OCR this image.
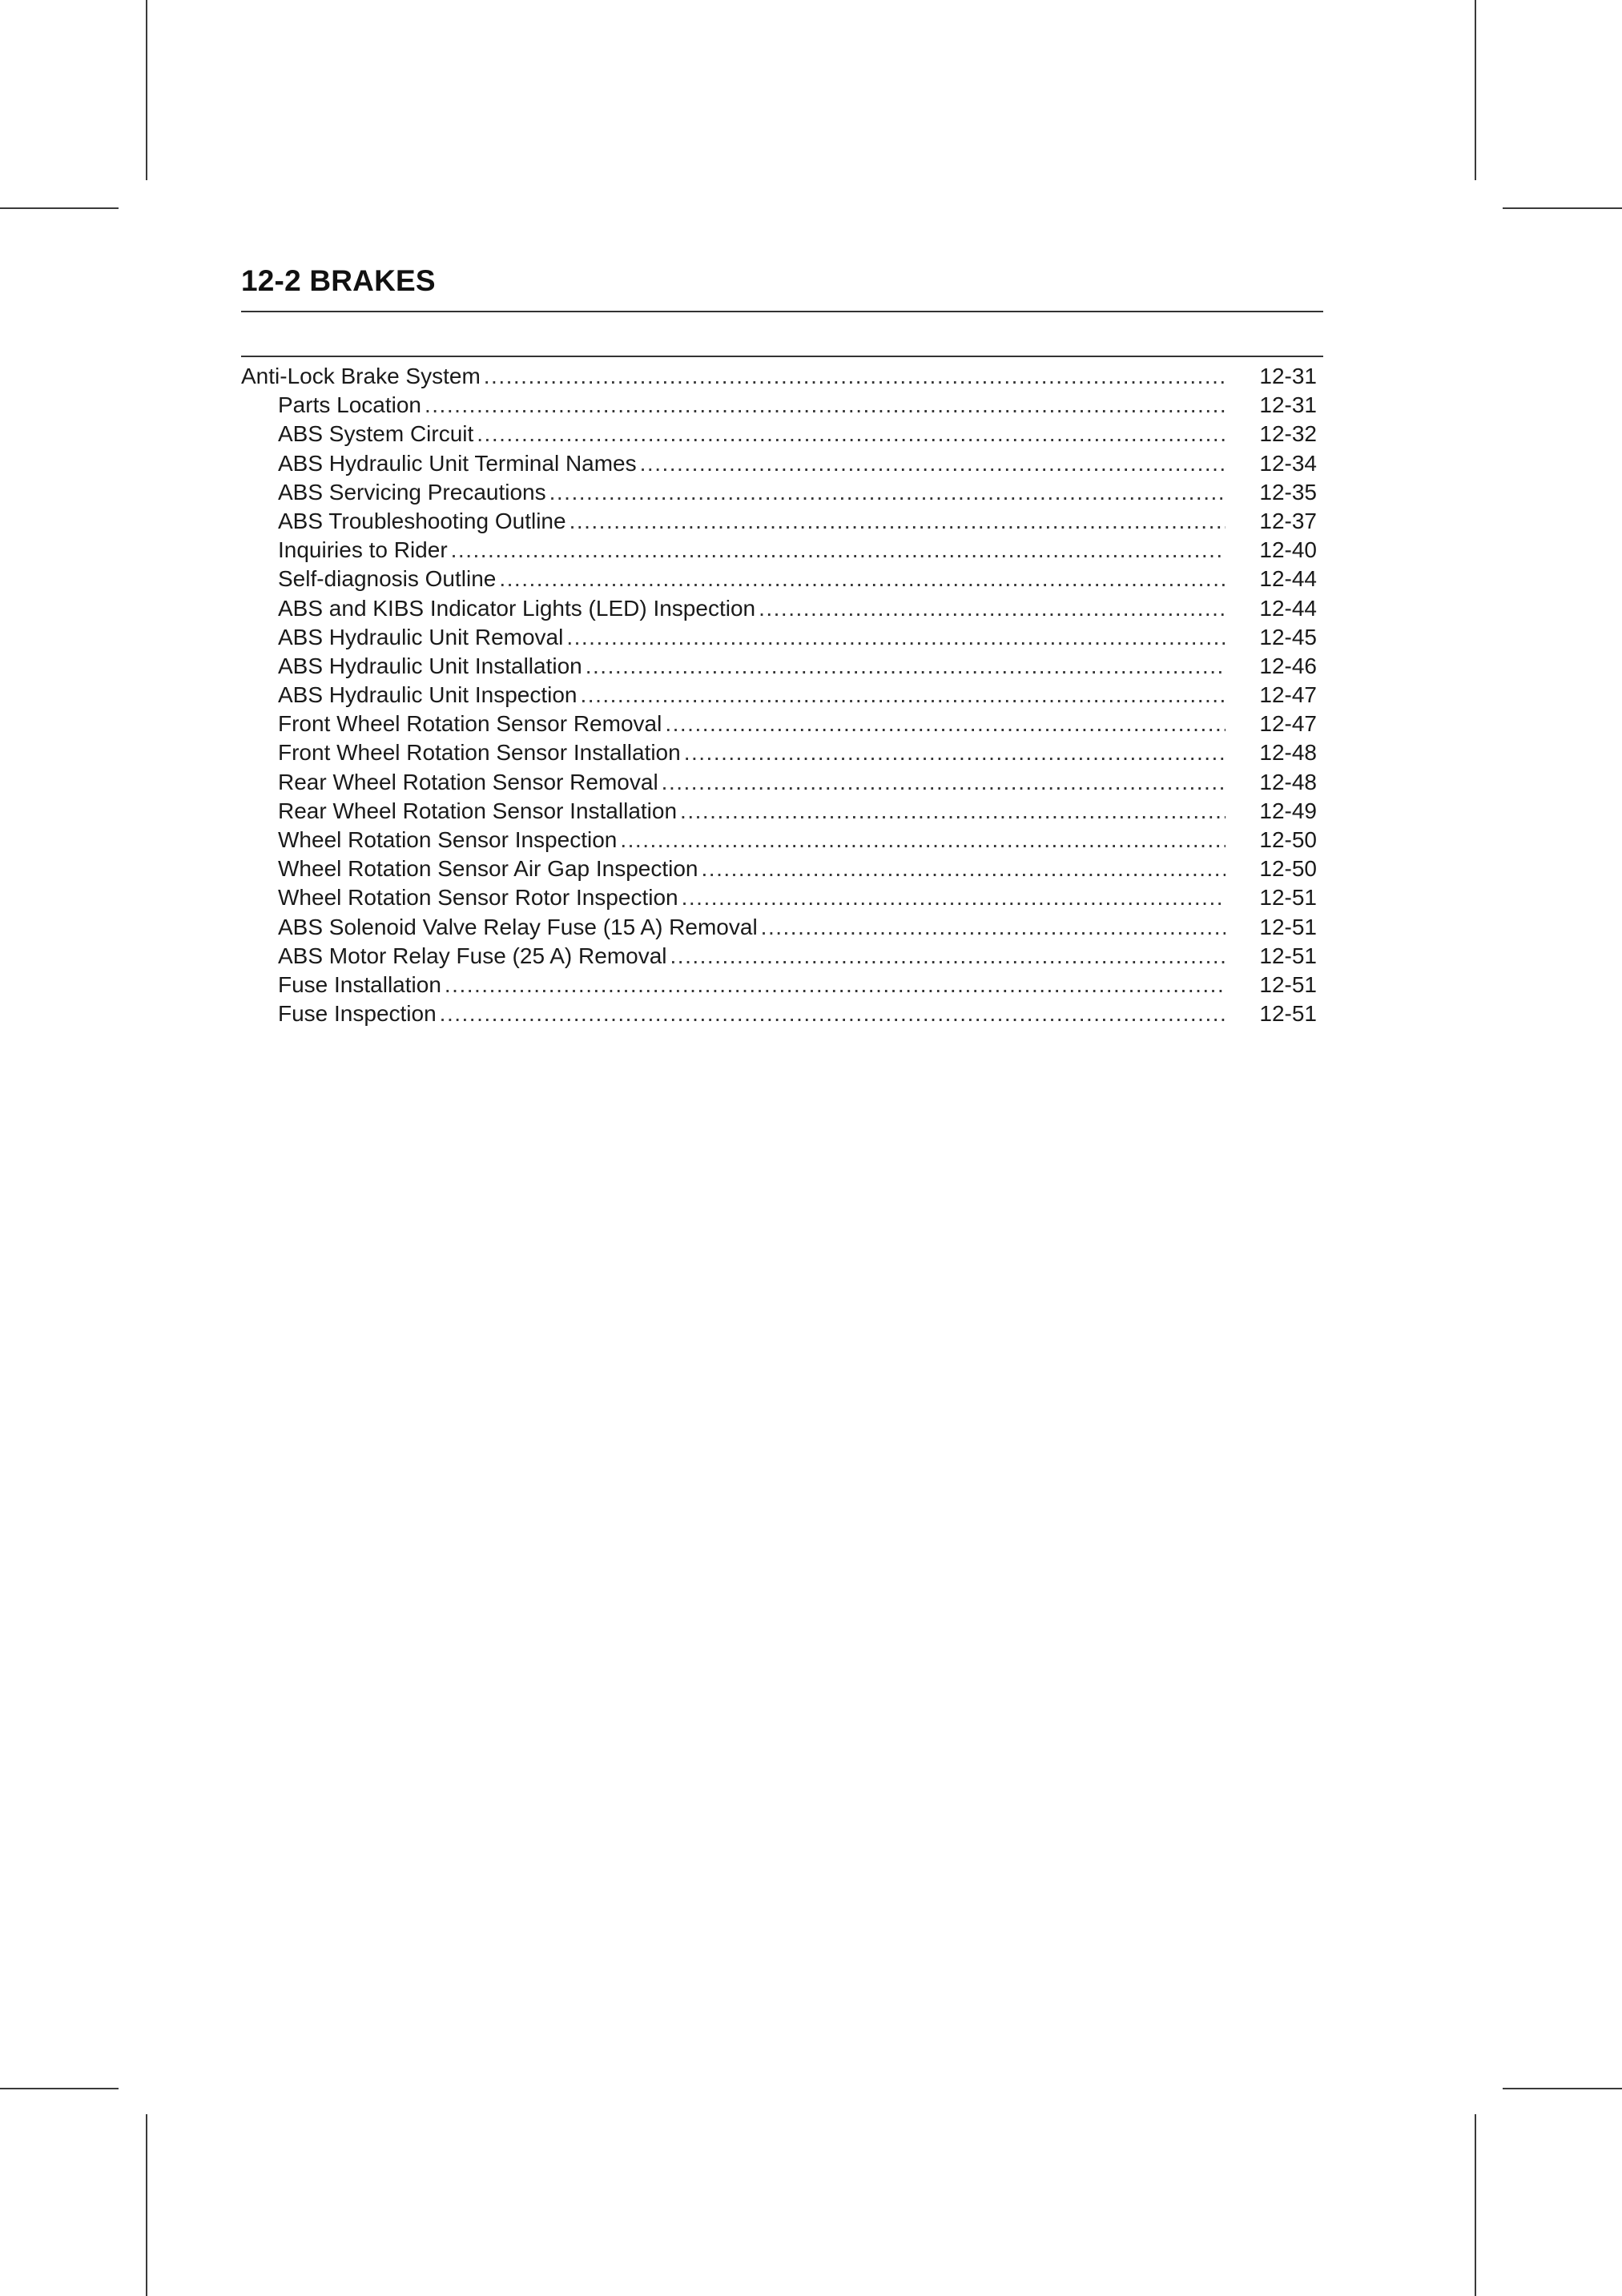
12-2 BRAKES
Anti-Lock Brake System .....	12-31
Parts Location .....	12-31
ABS System Circuit .....	12-32
ABS Hydraulic Unit Terminal Names .....	12-34
ABS Servicing Precautions .....	12-35
ABS Troubleshooting Outline .....	12-37
Inquiries to Rider .....	12-40
Self-diagnosis Outline .....	12-44
ABS and KIBS Indicator Lights (LED) Inspection .....	12-44
ABS Hydraulic Unit Removal .....	12-45
ABS Hydraulic Unit Installation .....	12-46
ABS Hydraulic Unit Inspection .....	12-47
Front Wheel Rotation Sensor Removal .....	12-47
Front Wheel Rotation Sensor Installation .....	12-48
Rear Wheel Rotation Sensor Removal .....	12-48
Rear Wheel Rotation Sensor Installation .....	12-49
Wheel Rotation Sensor Inspection .....	12-50
Wheel Rotation Sensor Air Gap Inspection .....	12-50
Wheel Rotation Sensor Rotor Inspection .....	12-51
ABS Solenoid Valve Relay Fuse (15 A) Removal .....	12-51
ABS Motor Relay Fuse (25 A) Removal .....	12-51
Fuse Installation .....	12-51
Fuse Inspection .....	12-51
